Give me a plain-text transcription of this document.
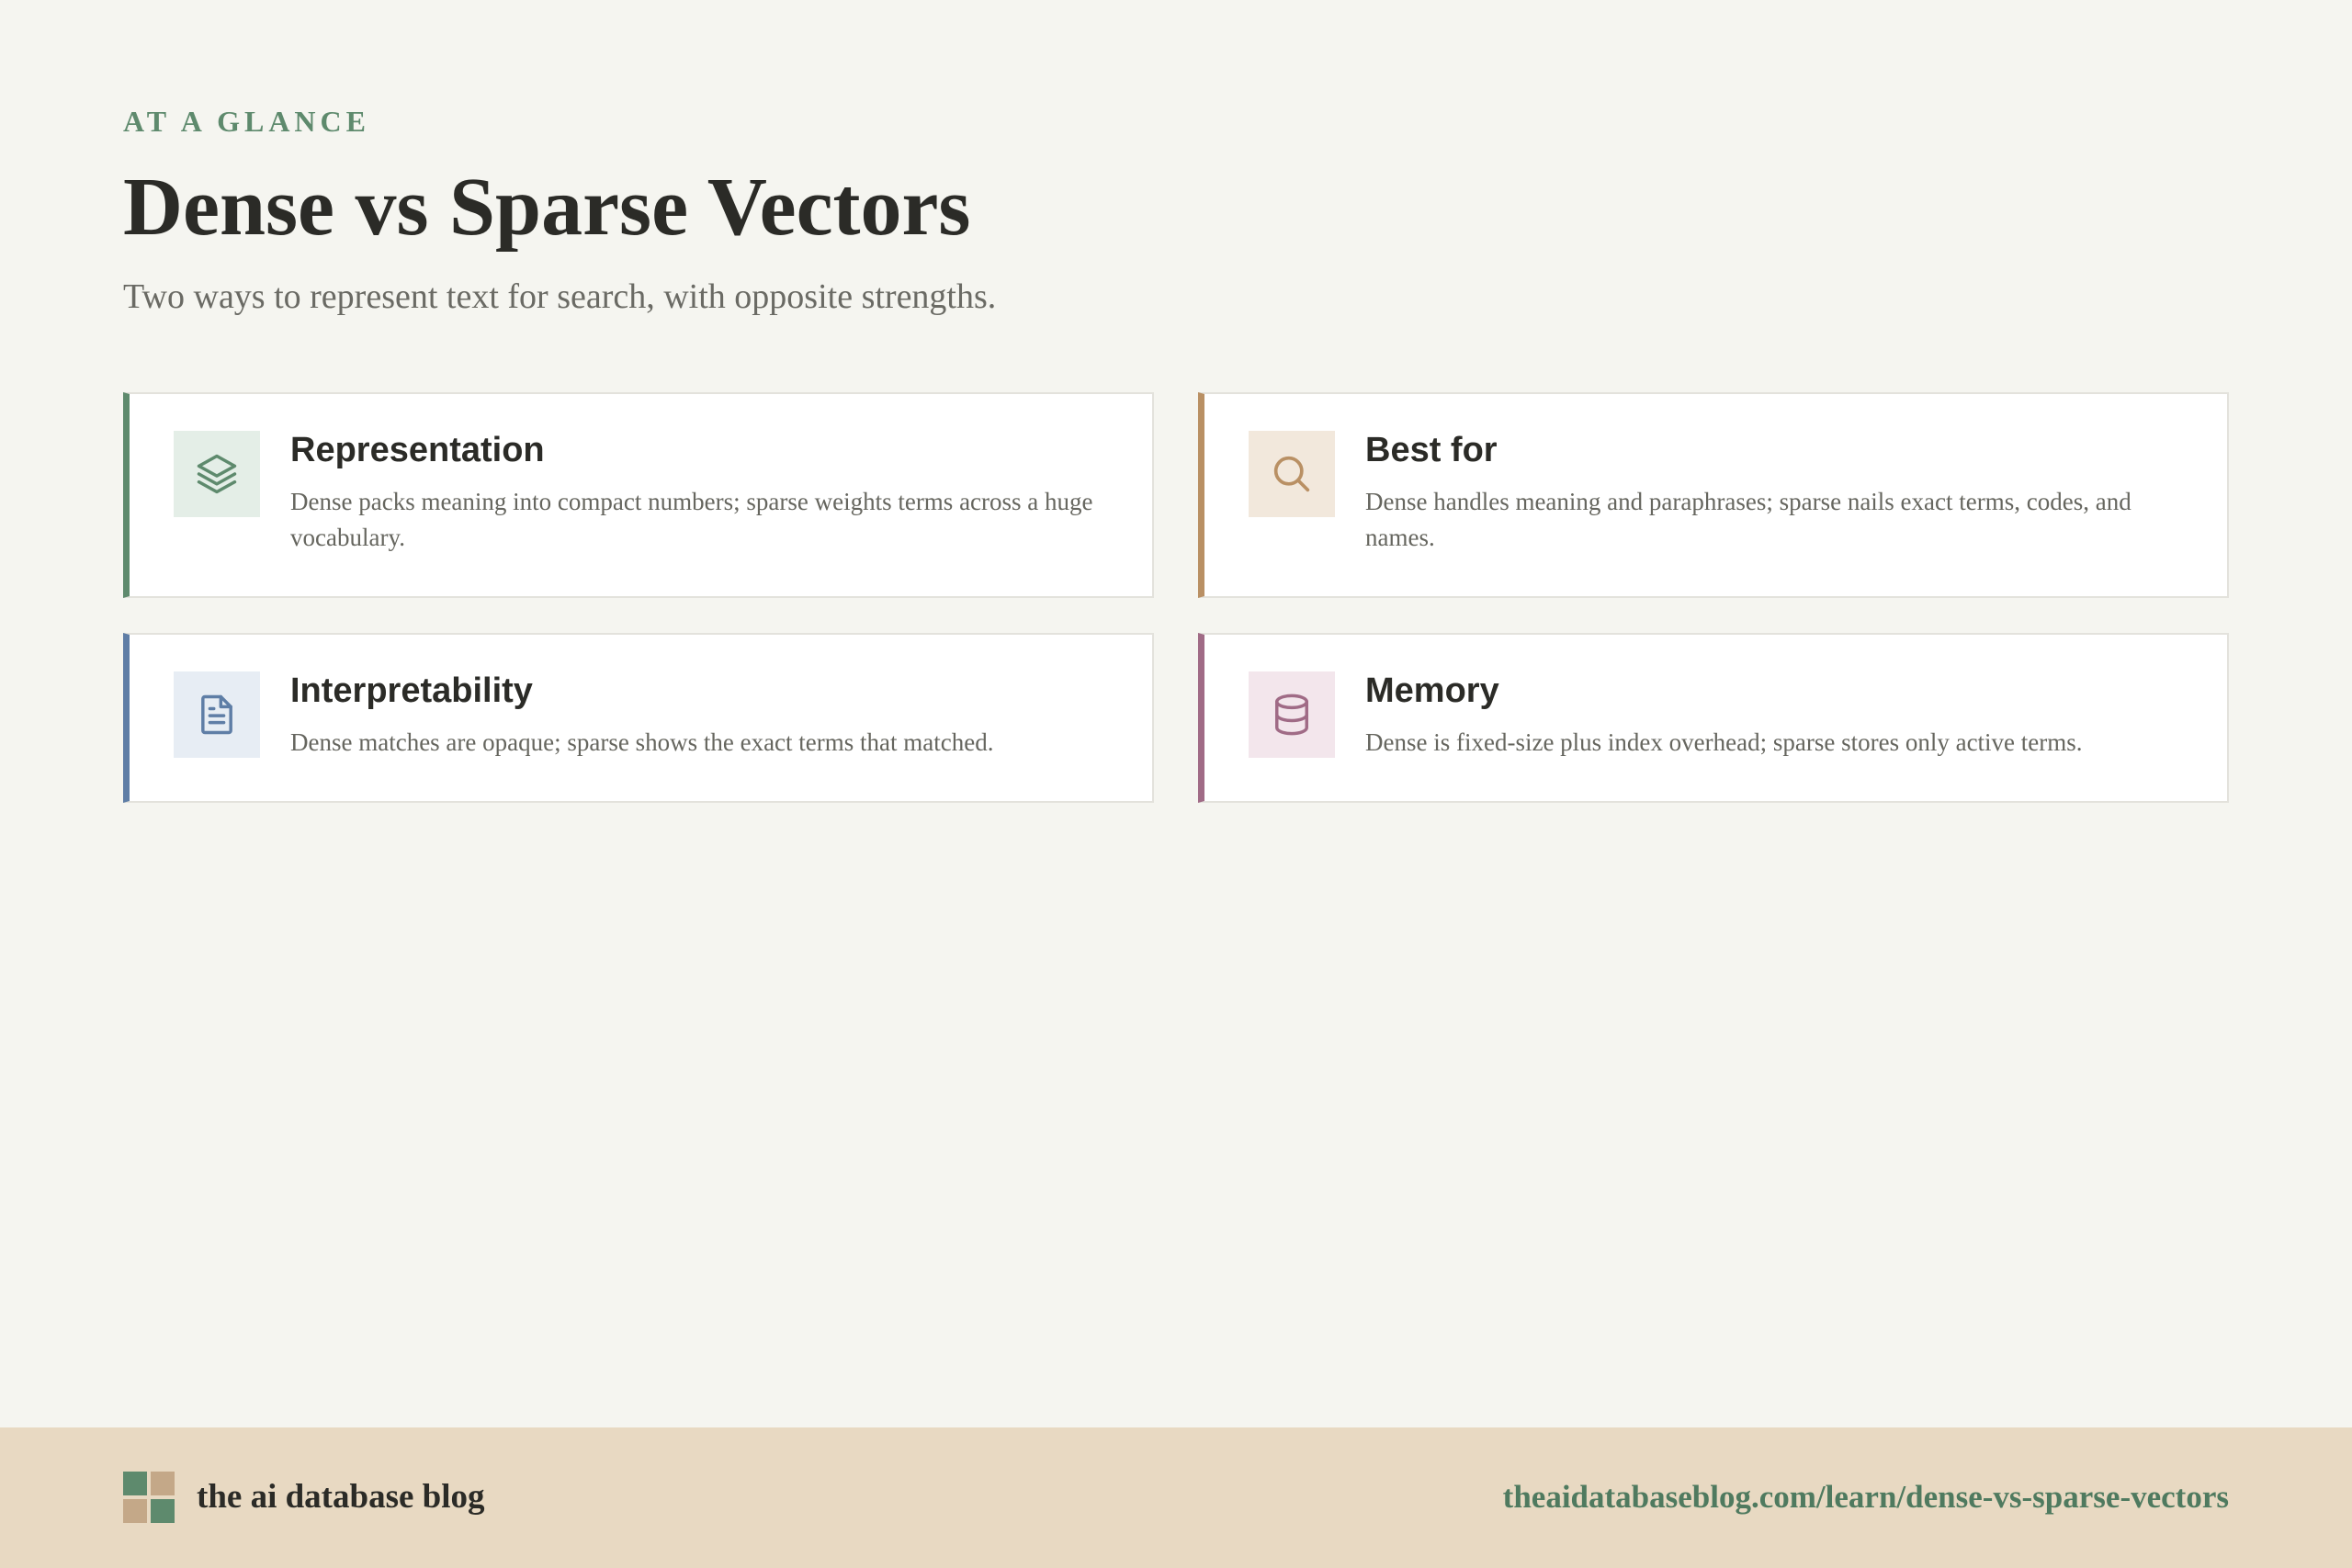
AT A GLANCE
Dense vs Sparse Vectors

Two ways to represent text for search, with opposite strengths.

Representation
Dense packs meaning into compact numbers; sparse weights terms across a huge vocabulary.
Best for
Dense handles meaning and paraphrases; sparse nails exact terms, codes, and names.
Interpretability
Dense matches are opaque; sparse shows the exact terms that matched.
Memory
Dense is fixed-size plus index overhead; sparse stores only active terms.
the ai database blog	theaidatabaseblog.com/learn/dense-vs-sparse-vectors
